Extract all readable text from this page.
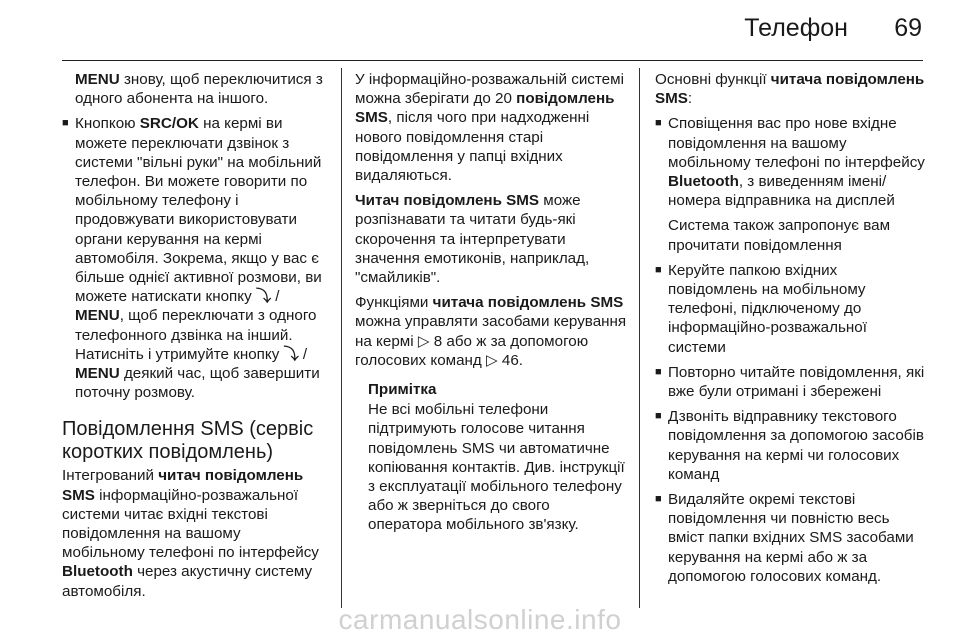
Телефон 69

MENU знову, щоб переключитися з одного абонента на іншого.

■ Кнопкою SRC/OK на кермі ви можете переключати дзвінок з системи "вільні руки" на мобільний телефон. Ви можете говорити по мобільному телефону і продовжувати використовувати органи керування на кермі автомобіля. Зокрема, якщо у вас є більше однієї активної розмови, ви можете натискати кнопку ⤵ / MENU, щоб переключати з одного телефонного дзвінка на інший. Натисніть і утримуйте кнопку ⤵ / MENU деякий час, щоб завершити поточну розмову.
Повідомлення SMS (сервіс коротких повідомлень)

Інтегрований читач повідомлень SMS інформаційно-розважальної системи читає вхідні текстові повідомлення на вашому мобільному телефоні по інтерфейсу Bluetooth через акустичну систему автомобіля.

У інформаційно-розважальній системі можна зберігати до 20 повідомлень SMS, після чого при надходженні нового повідомлення старі повідомлення у папці вхідних видаляються.

Читач повідомлень SMS може розпізнавати та читати будь-які скорочення та інтерпретувати значення емотиконів, наприклад, "смайликів".

Функціями читача повідомлень SMS можна управляти засобами керування на кермі ▷ 8 або ж за допомогою голосових команд ▷ 46.

Примітка
Не всі мобільні телефони підтримують голосове читання повідомлень SMS чи автоматичне копіювання контактів. Див. інструкції з експлуатації мобільного телефону або ж зверніться до свого оператора мобільного зв'язку.

Основні функції читача повідомлень SMS:

■ Сповіщення вас про нове вхідне повідомлення на вашому мобільному телефоні по інтерфейсу Bluetooth, з виведенням імені/номера відправника на дисплей

Система також запропонує вам прочитати повідомлення

■ Керуйте папкою вхідних повідомлень на мобільному телефоні, підключеному до інформаційно-розважальної системи
■ Повторно читайте повідомлення, які вже були отримані і збережені
■ Дзвоніть відправнику текстового повідомлення за допомогою засобів керування на кермі чи голосових команд
■ Видаляйте окремі текстові повідомлення чи повністю весь вміст папки вхідних SMS засобами керування на кермі або ж за допомогою голосових команд.
carmanualsonline.info
